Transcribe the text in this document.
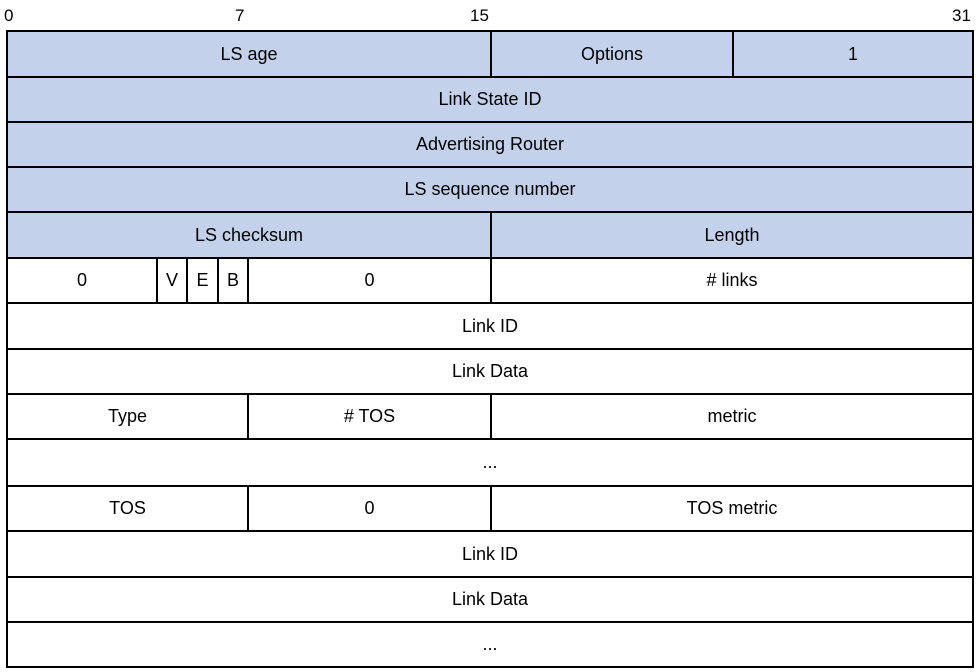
0	7	15	31
LS age	Options	1
Link State ID
Advertising Router
LS sequence number
LS checksum	Length
0	V	E	B	0	# links
Link ID
Link Data
Type	# TOS	metric
...
TOS	0	TOS metric
Link ID
Link Data
...
